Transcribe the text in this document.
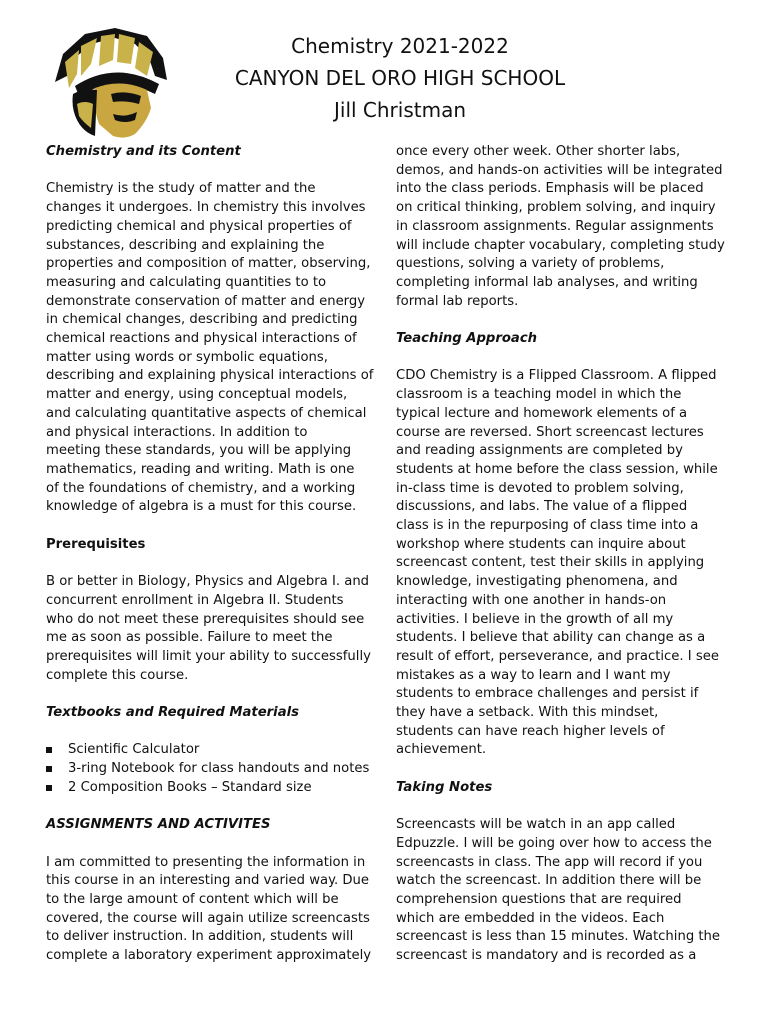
Chemistry 2021-2022
CANYON DEL ORO HIGH SCHOOL
Jill Christman

Chemistry and its Content

Chemistry is the study of matter and the
changes it undergoes. In chemistry this involves
predicting chemical and physical properties of
substances, describing and explaining the
properties and composition of matter, observing,
measuring and calculating quantities to to
demonstrate conservation of matter and energy
in chemical changes, describing and predicting
chemical reactions and physical interactions of
matter using words or symbolic equations,
describing and explaining physical interactions of
matter and energy, using conceptual models,
and calculating quantitative aspects of chemical
and physical interactions. In addition to
meeting these standards, you will be applying
mathematics, reading and writing. Math is one
of the foundations of chemistry, and a working
knowledge of algebra is a must for this course.

Prerequisites

B or better in Biology, Physics and Algebra I. and
concurrent enrollment in Algebra II. Students
who do not meet these prerequisites should see
me as soon as possible. Failure to meet the
prerequisites will limit your ability to successfully
complete this course.

Textbooks and Required Materials

Scientific Calculator
3-ring Notebook for class handouts and notes
2 Composition Books – Standard size

ASSIGNMENTS AND ACTIVITES

I am committed to presenting the information in
this course in an interesting and varied way. Due
to the large amount of content which will be
covered, the course will again utilize screencasts
to deliver instruction. In addition, students will
complete a laboratory experiment approximately
once every other week. Other shorter labs,
demos, and hands-on activities will be integrated
into the class periods. Emphasis will be placed
on critical thinking, problem solving, and inquiry
in classroom assignments. Regular assignments
will include chapter vocabulary, completing study
questions, solving a variety of problems,
completing informal lab analyses, and writing
formal lab reports.

Teaching Approach

CDO Chemistry is a Flipped Classroom. A flipped
classroom is a teaching model in which the
typical lecture and homework elements of a
course are reversed. Short screencast lectures
and reading assignments are completed by
students at home before the class session, while
in-class time is devoted to problem solving,
discussions, and labs. The value of a flipped
class is in the repurposing of class time into a
workshop where students can inquire about
screencast content, test their skills in applying
knowledge, investigating phenomena, and
interacting with one another in hands-on
activities. I believe in the growth of all my
students. I believe that ability can change as a
result of effort, perseverance, and practice. I see
mistakes as a way to learn and I want my
students to embrace challenges and persist if
they have a setback. With this mindset,
students can have reach higher levels of
achievement.

Taking Notes

Screencasts will be watch in an app called
Edpuzzle. I will be going over how to access the
screencasts in class. The app will record if you
watch the screencast. In addition there will be
comprehension questions that are required
which are embedded in the videos. Each
screencast is less than 15 minutes. Watching the
screencast is mandatory and is recorded as a
